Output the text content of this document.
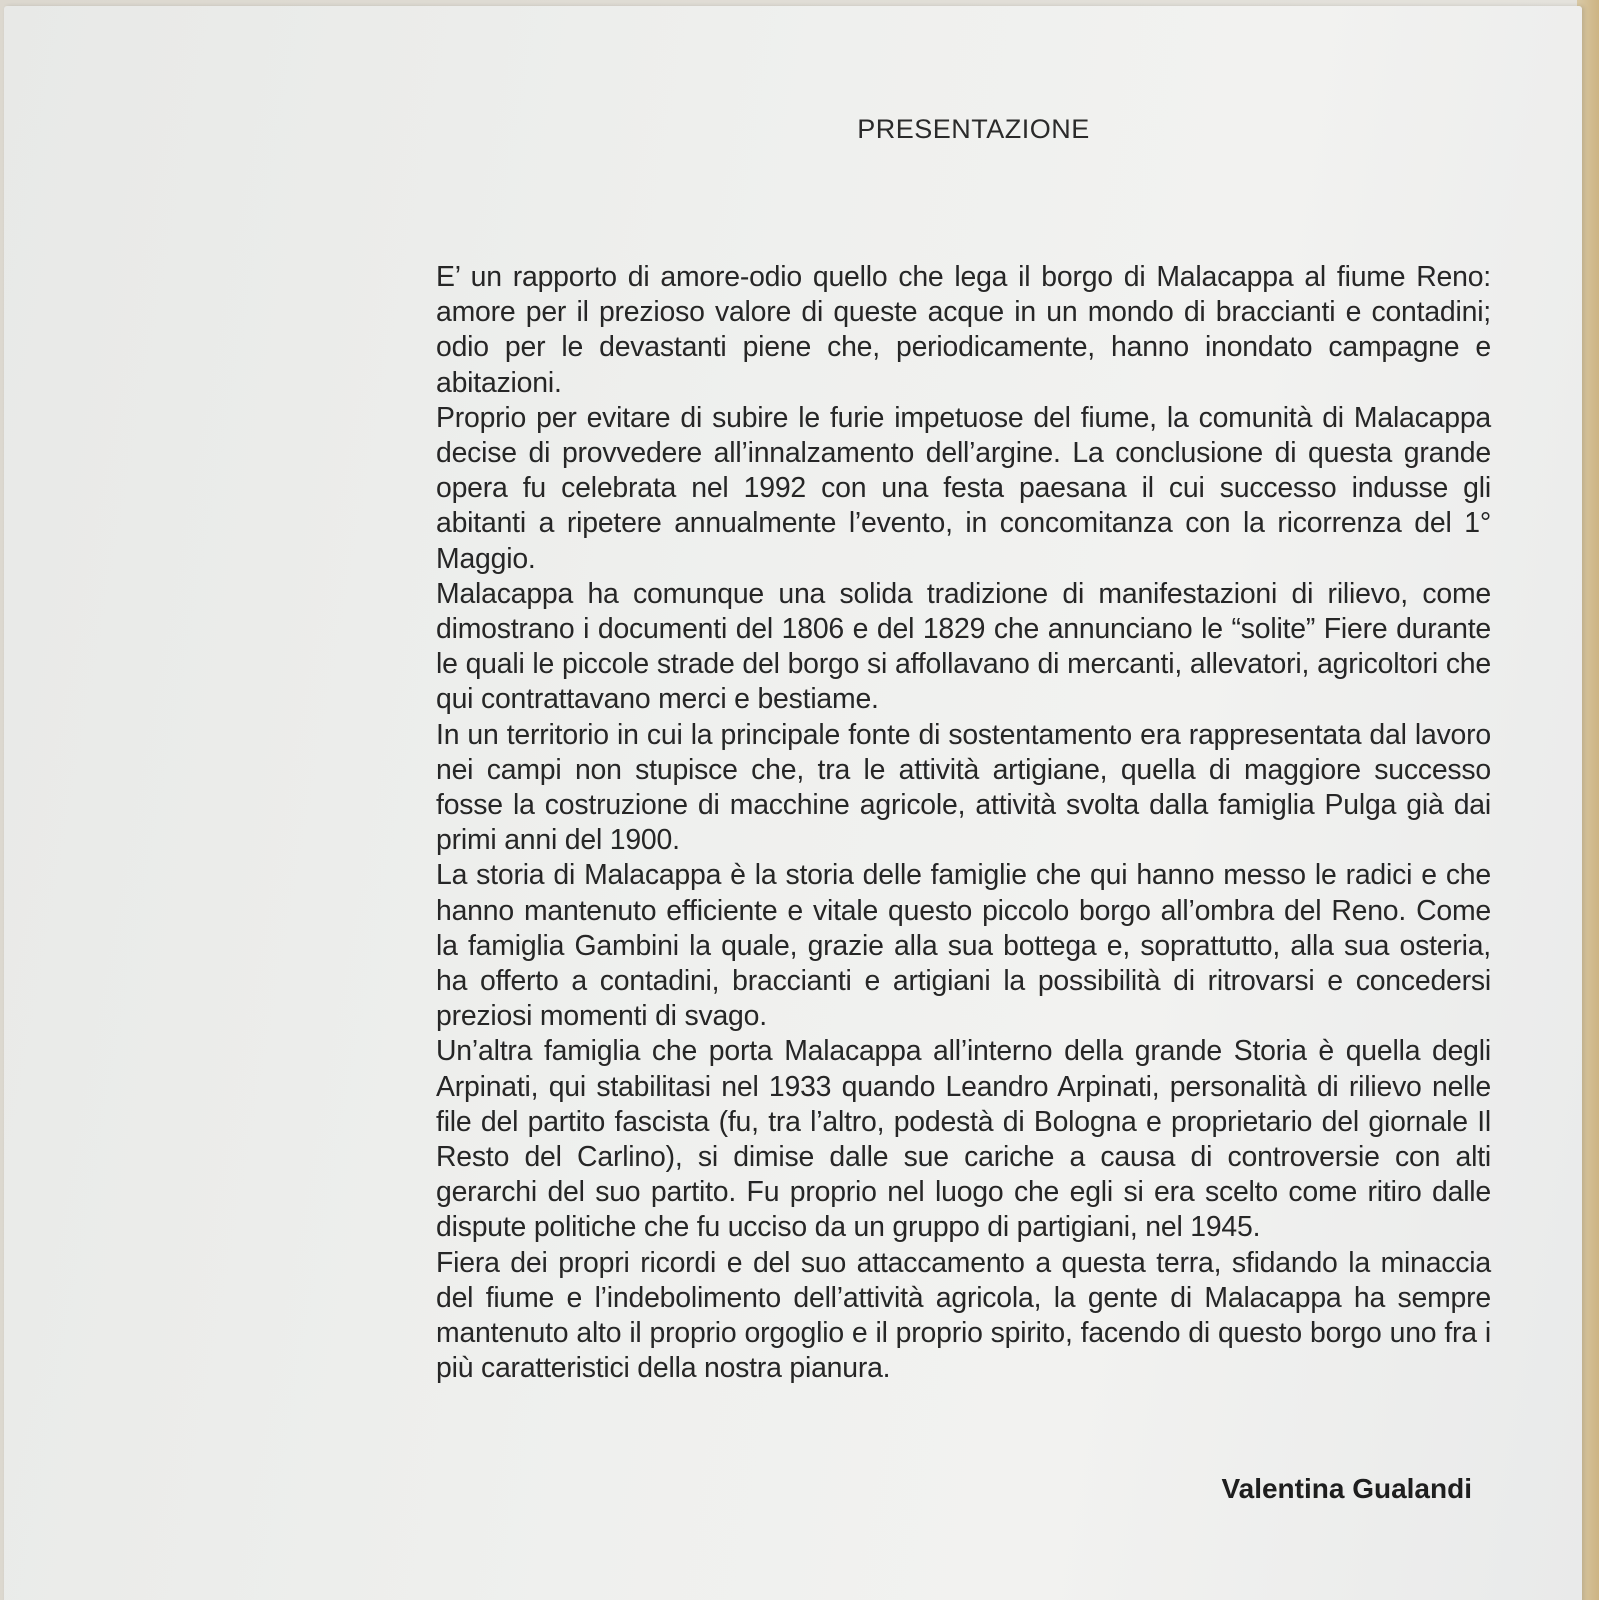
PRESENTAZIONE

E’ un rapporto di amore-odio quello che lega il borgo di Malacappa al fiume Reno: amore per il prezioso valore di queste acque in un mondo di braccianti e contadini; odio per le devastanti piene che, periodicamente, hanno inondato campagne e abitazioni.

Proprio per evitare di subire le furie impetuose del fiume, la comunità di Malacappa decise di provvedere all’innalzamento dell’argine. La conclusione di questa grande opera fu celebrata nel 1992 con una festa paesana il cui successo indusse gli abitanti a ripetere annualmente l’evento, in concomitanza con la ricorrenza del 1° Maggio.

Malacappa ha comunque una solida tradizione di manifestazioni di rilievo, come dimostrano i documenti del 1806 e del 1829 che annunciano le “solite” Fiere durante le quali le piccole strade del borgo si affollavano di mercanti, allevatori, agricoltori che qui contrattavano merci e bestiame.

In un territorio in cui la principale fonte di sostentamento era rappresentata dal lavoro nei campi non stupisce che, tra le attività artigiane, quella di maggiore successo fosse la costruzione di macchine agricole, attività svolta dalla famiglia Pulga già dai primi anni del 1900.

La storia di Malacappa è la storia delle famiglie che qui hanno messo le radici e che hanno mantenuto efficiente e vitale questo piccolo borgo all’ombra del Reno. Come la famiglia Gambini la quale, grazie alla sua bottega e, soprattutto, alla sua osteria, ha offerto a contadini, braccianti e artigiani la possibilità di ritrovarsi e concedersi preziosi momenti di svago.

Un’altra famiglia che porta Malacappa all’interno della grande Storia è quella degli Arpinati, qui stabilitasi nel 1933 quando Leandro Arpinati, personalità di rilievo nelle file del partito fascista (fu, tra l’altro, podestà di Bologna e proprietario del giornale Il Resto del Carlino), si dimise dalle sue cariche a causa di controversie con alti gerarchi del suo partito. Fu proprio nel luogo che egli si era scelto come ritiro dalle dispute politiche che fu ucciso da un gruppo di partigiani, nel 1945.

Fiera dei propri ricordi e del suo attaccamento a questa terra, sfidando la minaccia del fiume e l’indebolimento dell’attività agricola, la gente di Malacappa ha sempre mantenuto alto il proprio orgoglio e il proprio spirito, facendo di questo borgo uno fra i più caratteristici della nostra pianura.

Valentina Gualandi
